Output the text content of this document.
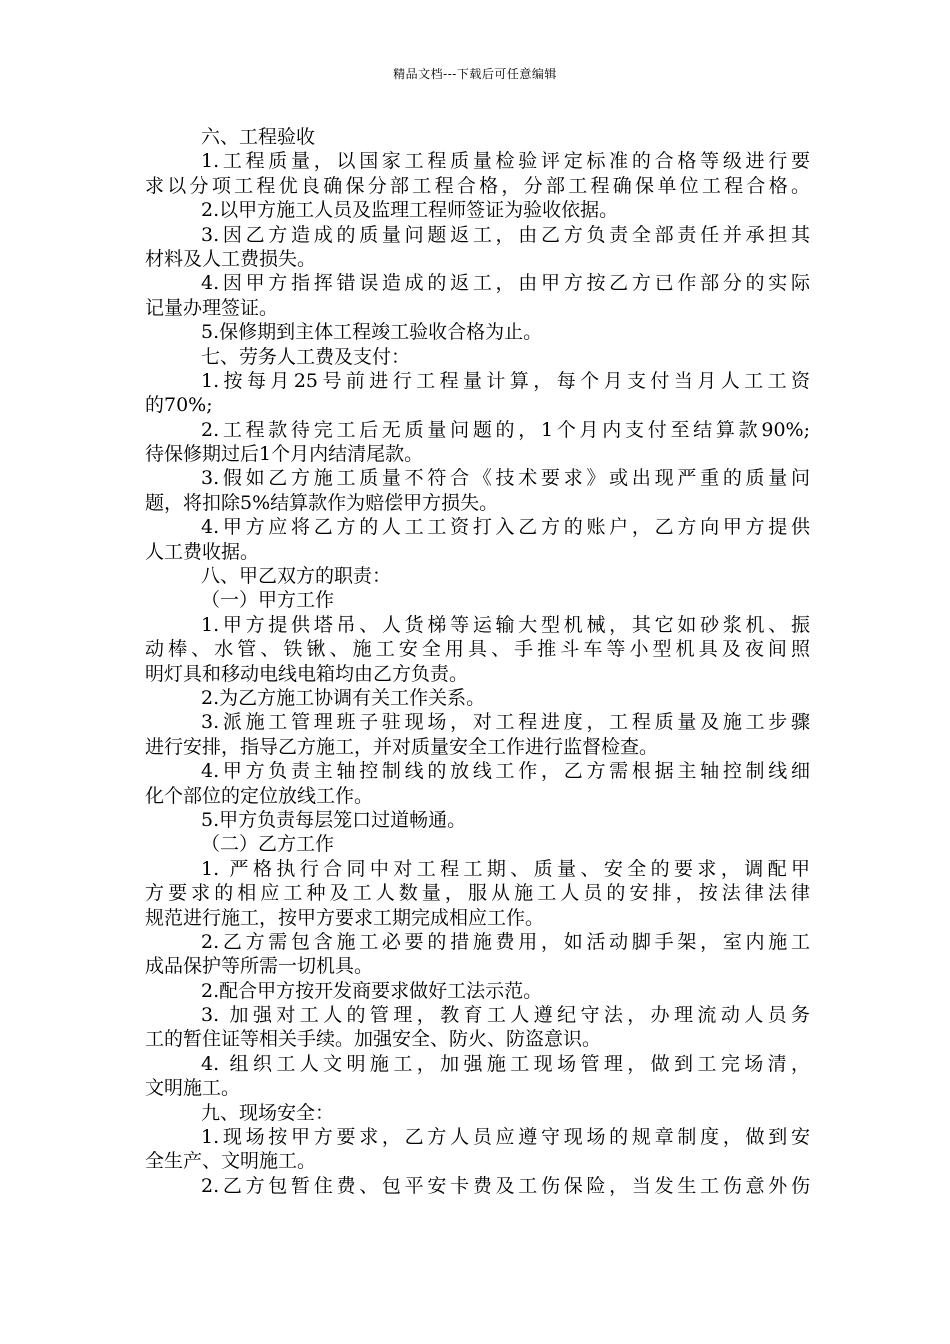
精品文档---下载后可任意编辑
六、工程验收
1.工程质量，以国家工程质量检验评定标准的合格等级进行要
求以分项工程优良确保分部工程合格，分部工程确保单位工程合格。
2.以甲方施工人员及监理工程师签证为验收依据。
3.因乙方造成的质量问题返工，由乙方负责全部责任并承担其
材料及人工费损失。
4.因甲方指挥错误造成的返工，由甲方按乙方已作部分的实际
记量办理签证。
5.保修期到主体工程竣工验收合格为止。
七、劳务人工费及支付：
1.按每月25号前进行工程量计算，每个月支付当月人工工资
的70%;
2.工程款待完工后无质量问题的，1个月内支付至结算款90%;
待保修期过后1个月内结清尾款。
3.假如乙方施工质量不符合《技术要求》或出现严重的质量问
题，将扣除5%结算款作为赔偿甲方损失。
4.甲方应将乙方的人工工资打入乙方的账户，乙方向甲方提供
人工费收据。
八、甲乙双方的职责：
（一）甲方工作
1.甲方提供塔吊、人货梯等运输大型机械，其它如砂浆机、振
动棒、水管、铁锹、施工安全用具、手推斗车等小型机具及夜间照
明灯具和移动电线电箱均由乙方负责。
2.为乙方施工协调有关工作关系。
3.派施工管理班子驻现场，对工程进度，工程质量及施工步骤
进行安排，指导乙方施工，并对质量安全工作进行监督检查。
4.甲方负责主轴控制线的放线工作，乙方需根据主轴控制线细
化个部位的定位放线工作。
5.甲方负责每层笼口过道畅通。
（二）乙方工作
1. 严格执行合同中对工程工期、质量、安全的要求，调配甲
方要求的相应工种及工人数量，服从施工人员的安排，按法律法律
规范进行施工，按甲方要求工期完成相应工作。
2.乙方需包含施工必要的措施费用，如活动脚手架，室内施工
成品保护等所需一切机具。
2.配合甲方按开发商要求做好工法示范。
3. 加强对工人的管理，教育工人遵纪守法，办理流动人员务
工的暂住证等相关手续。加强安全、防火、防盗意识。
4. 组织工人文明施工，加强施工现场管理，做到工完场清，
文明施工。
九、现场安全：
1.现场按甲方要求，乙方人员应遵守现场的规章制度，做到安
全生产、文明施工。
2.乙方包暂住费、包平安卡费及工伤保险，当发生工伤意外伤
